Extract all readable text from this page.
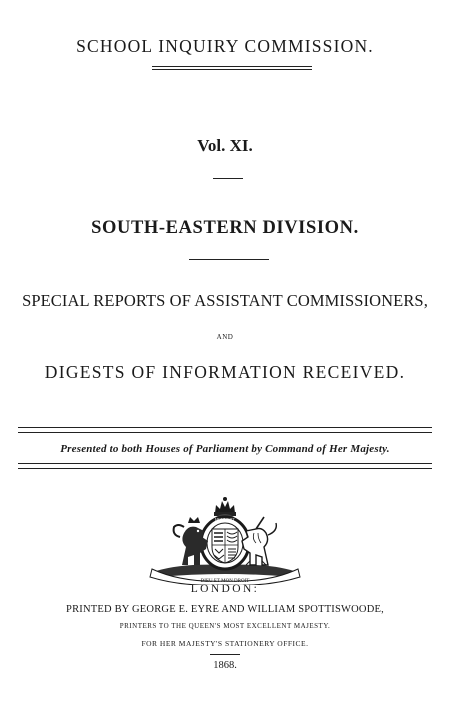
SCHOOL INQUIRY COMMISSION.
Vol. XI.
SOUTH-EASTERN DIVISION.
SPECIAL REPORTS OF ASSISTANT COMMISSIONERS,
AND
DIGESTS OF INFORMATION RECEIVED.
Presented to both Houses of Parliament by Command of Her Majesty.
DIEU ET MON DROIT
HONI SOIT
LONDON:
PRINTED BY GEORGE E. EYRE AND WILLIAM SPOTTISWOODE,
PRINTERS TO THE QUEEN'S MOST EXCELLENT MAJESTY.
FOR HER MAJESTY'S STATIONERY OFFICE.
1868.
